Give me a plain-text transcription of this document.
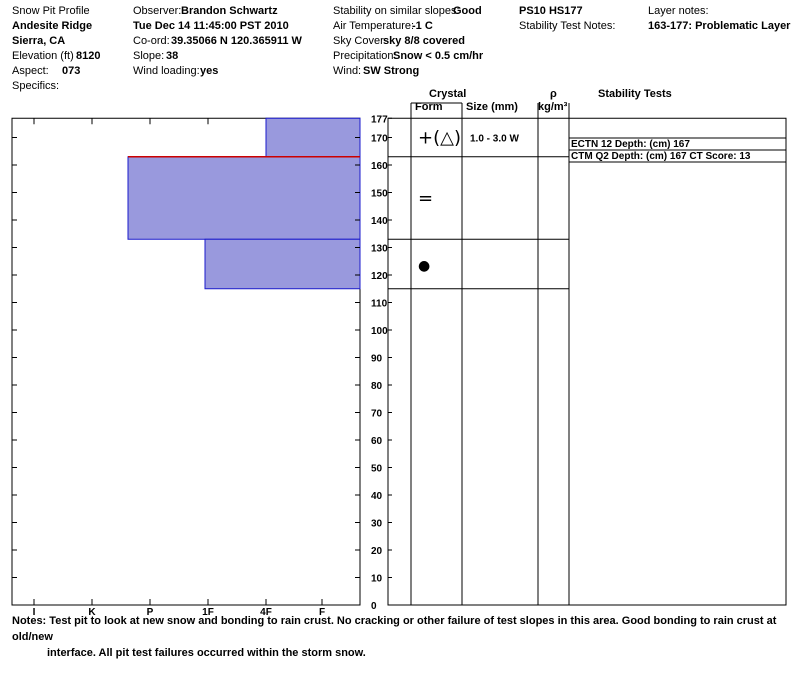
Snow Pit Profile
Andesite Ridge
Sierra, CA
Elevation (ft) 8120
Aspect: 073
Specifics:
Observer: Brandon Schwartz
Tue Dec 14 11:45:00 PST 2010
Co-ord: 39.35066 N 120.365911 W
Slope: 38
Wind loading: yes
Stability on similar slopes:
Good
Air Temperature:
-1 C
Sky Cover:
sky 8/8 covered
Precipitation:
Snow < 0.5 cm/hr
Wind: SW Strong
PS10 HS177
Stability Test Notes:
Layer notes:
163-177: Problematic Layer
Crystal
Form Size (mm)
ρ
kg/m³
Stability Tests
I	K	P	1F	4F	F
0
10
20
30
40
50
60
70
80
90
100
110
120
130
140
150
160
170
177
+(△) 1.0 - 3.0 W
=
●
ECTN 12 Depth: (cm) 167
CTM Q2 Depth: (cm) 167 CT Score: 13
Notes: Test pit to look at new snow and bonding to rain crust. No cracking or other failure of test slopes in this area. Good bonding to rain crust at old/new
interface. All pit test failures occurred within the storm snow.
